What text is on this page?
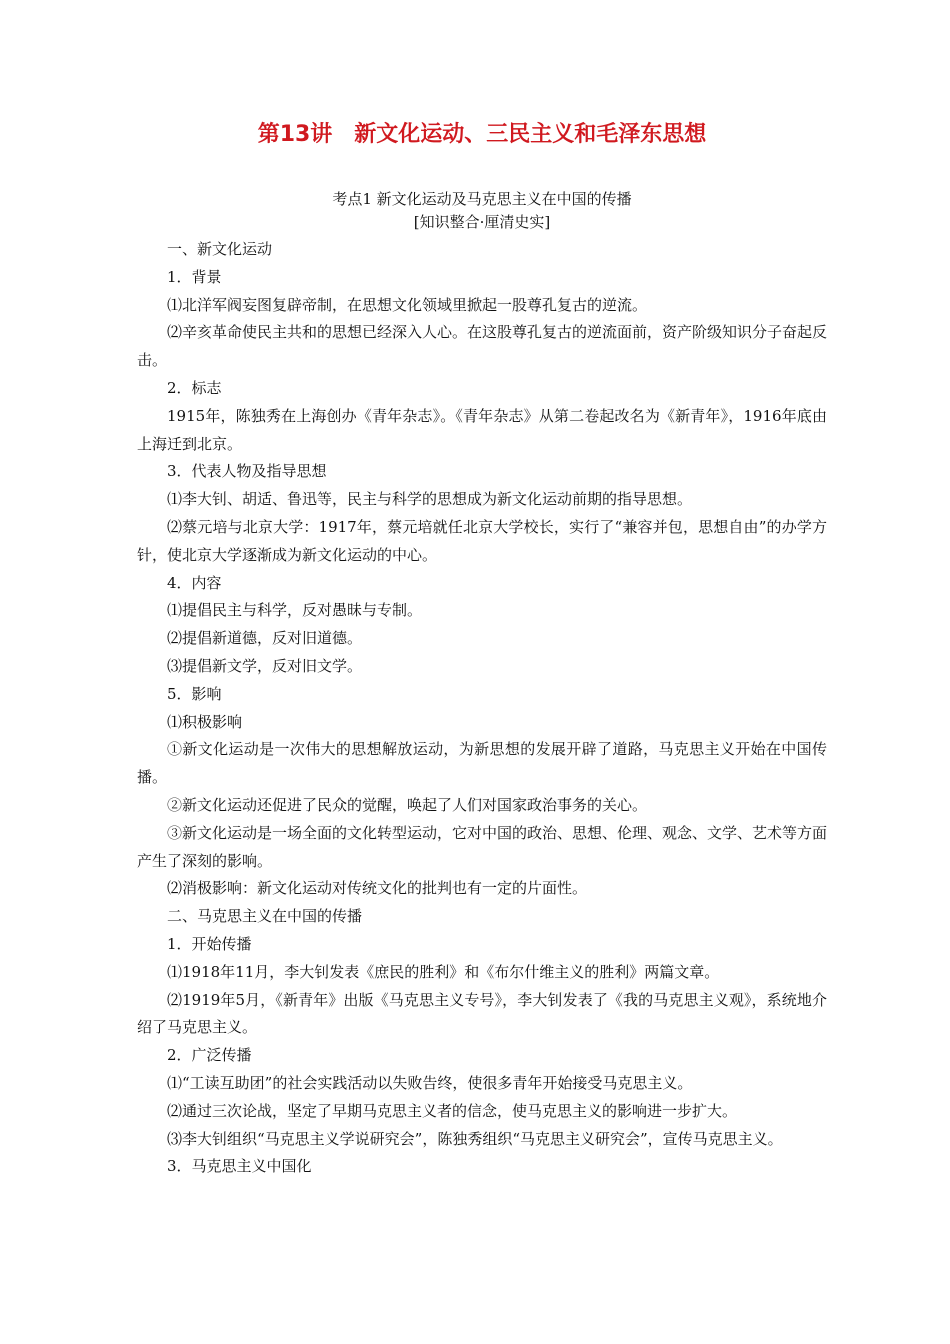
第13讲　新文化运动、三民主义和毛泽东思想
考点1 新文化运动及马克思主义在中国的传播
[知识整合·厘清史实]

一、新文化运动

1．背景

⑴北洋军阀妄图复辟帝制，在思想文化领域里掀起一股尊孔复古的逆流。

⑵辛亥革命使民主共和的思想已经深入人心。在这股尊孔复古的逆流面前，资产阶级知识分子奋起反击。

2．标志

1915年，陈独秀在上海创办《青年杂志》。《青年杂志》从第二卷起改名为《新青年》，1916年底由上海迁到北京。

3．代表人物及指导思想

⑴李大钊、胡适、鲁迅等，民主与科学的思想成为新文化运动前期的指导思想。

⑵蔡元培与北京大学：1917年，蔡元培就任北京大学校长，实行了“兼容并包，思想自由”的办学方针，使北京大学逐渐成为新文化运动的中心。

4．内容

⑴提倡民主与科学，反对愚昧与专制。

⑵提倡新道德，反对旧道德。

⑶提倡新文学，反对旧文学。

5．影响

⑴积极影响

①新文化运动是一次伟大的思想解放运动，为新思想的发展开辟了道路，马克思主义开始在中国传播。

②新文化运动还促进了民众的觉醒，唤起了人们对国家政治事务的关心。

③新文化运动是一场全面的文化转型运动，它对中国的政治、思想、伦理、观念、文学、艺术等方面产生了深刻的影响。

⑵消极影响：新文化运动对传统文化的批判也有一定的片面性。

二、马克思主义在中国的传播

1．开始传播

⑴1918年11月，李大钊发表《庶民的胜利》和《布尔什维主义的胜利》两篇文章。

⑵1919年5月，《新青年》出版《马克思主义专号》，李大钊发表了《我的马克思主义观》，系统地介绍了马克思主义。

2．广泛传播

⑴“工读互助团”的社会实践活动以失败告终，使很多青年开始接受马克思主义。

⑵通过三次论战，坚定了早期马克思主义者的信念，使马克思主义的影响进一步扩大。

⑶李大钊组织“马克思主义学说研究会”，陈独秀组织“马克思主义研究会”，宣传马克思主义。

3．马克思主义中国化
